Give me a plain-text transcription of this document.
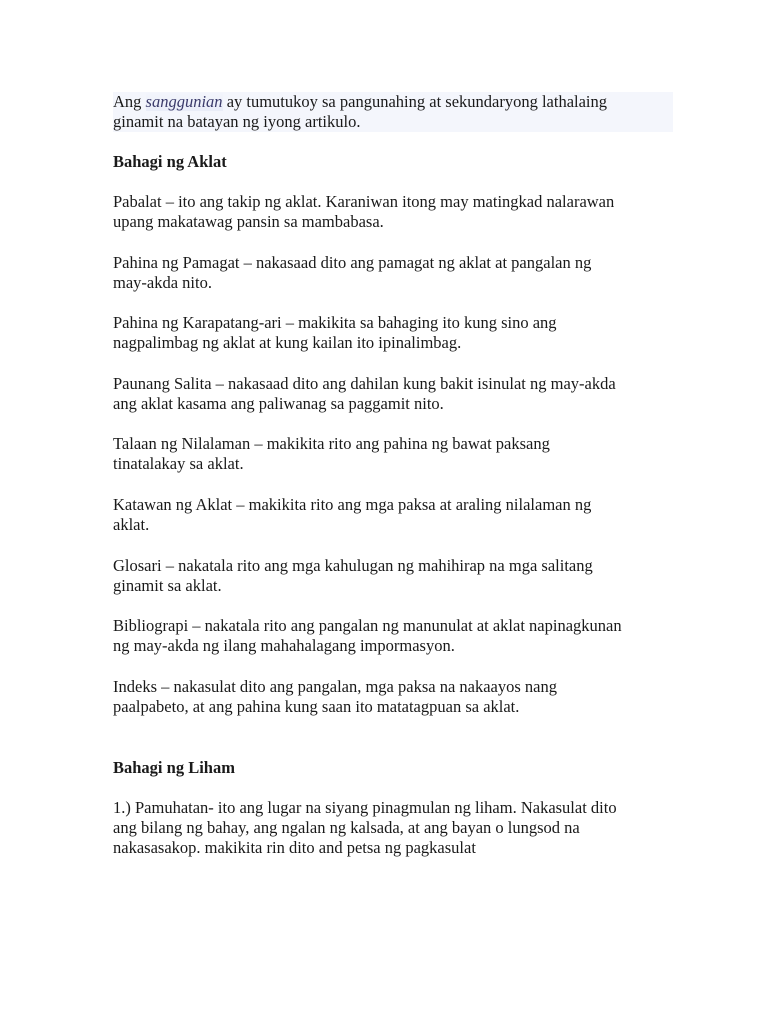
Ang sanggunian ay tumutukoy sa pangunahing at sekundaryong lathalaing
ginamit na batayan ng iyong artikulo.

Bahagi ng Aklat

Pabalat – ito ang takip ng aklat. Karaniwan itong may matingkad nalarawan
upang makatawag pansin sa mambabasa.

Pahina ng Pamagat – nakasaad dito ang pamagat ng aklat at pangalan ng
may-akda nito.

Pahina ng Karapatang-ari – makikita sa bahaging ito kung sino ang
nagpalimbag ng aklat at kung kailan ito ipinalimbag.

Paunang Salita – nakasaad dito ang dahilan kung bakit isinulat ng may-akda
ang aklat kasama ang paliwanag sa paggamit nito.

Talaan ng Nilalaman – makikita rito ang pahina ng bawat paksang
tinatalakay sa aklat.

Katawan ng Aklat – makikita rito ang mga paksa at araling nilalaman ng
aklat.

Glosari – nakatala rito ang mga kahulugan ng mahihirap na mga salitang
ginamit sa aklat.

Bibliograpi – nakatala rito ang pangalan ng manunulat at aklat napinagkunan
ng may-akda ng ilang mahahalagang impormasyon.

Indeks – nakasulat dito ang pangalan, mga paksa na nakaayos nang
paalpabeto, at ang pahina kung saan ito matatagpuan sa aklat.

Bahagi ng Liham

1.) Pamuhatan- ito ang lugar na siyang pinagmulan ng liham. Nakasulat dito
ang bilang ng bahay, ang ngalan ng kalsada, at ang bayan o lungsod na
nakasasakop. makikita rin dito and petsa ng pagkasulat
